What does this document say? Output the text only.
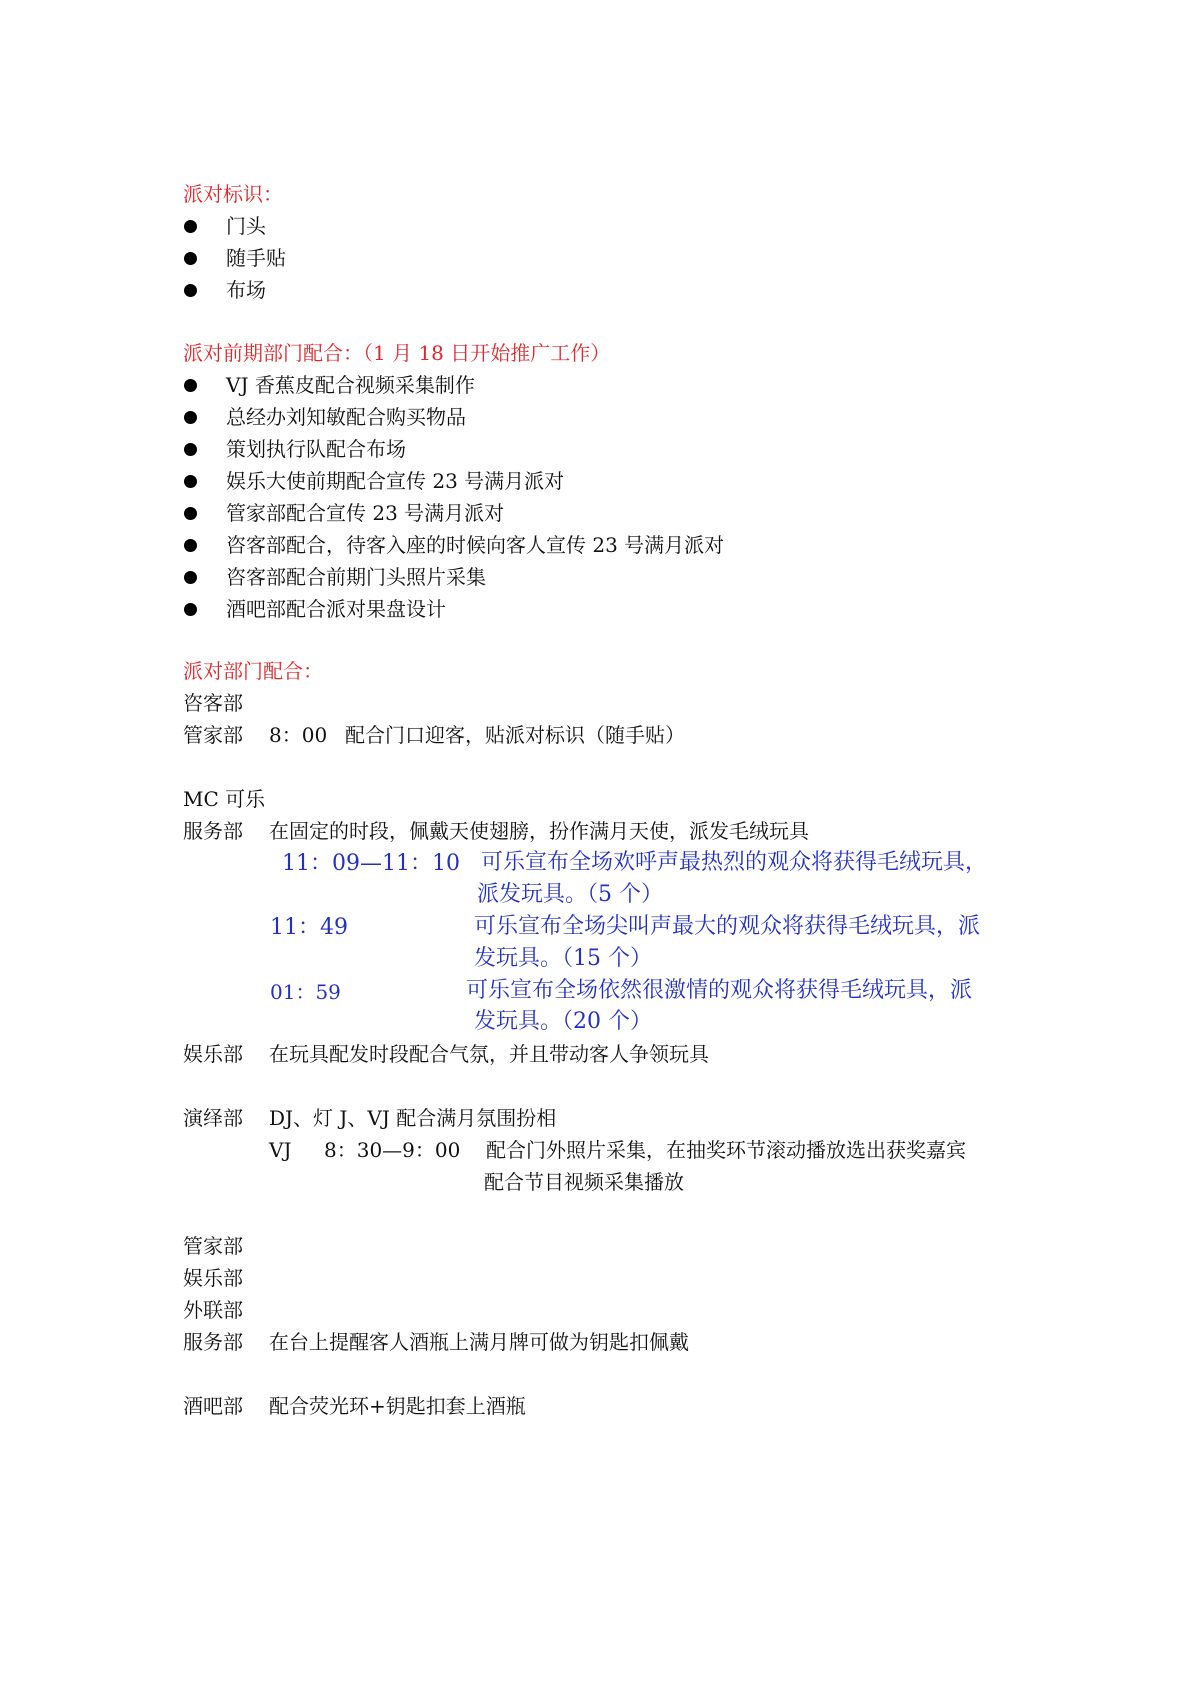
派对标识：
门头
随手贴
布场
派对前期部门配合：（1 月 18 日开始推广工作）
VJ 香蕉皮配合视频采集制作
总经办刘知敏配合购买物品
策划执行队配合布场
娱乐大使前期配合宣传 23 号满月派对
管家部配合宣传 23 号满月派对
咨客部配合，待客入座的时候向客人宣传 23 号满月派对
咨客部配合前期门头照片采集
酒吧部配合派对果盘设计
派对部门配合：
咨客部
管家部 8：00 配合门口迎客，贴派对标识（随手贴）
MC 可乐
服务部 在固定的时段，佩戴天使翅膀，扮作满月天使，派发毛绒玩具
11：09—11：10 可乐宣布全场欢呼声最热烈的观众将获得毛绒玩具，
派发玩具。（5 个）
11：49	可乐宣布全场尖叫声最大的观众将获得毛绒玩具，派
发玩具。（15 个）
01：59	可乐宣布全场依然很激情的观众将获得毛绒玩具，派
发玩具。（20 个）
娱乐部 在玩具配发时段配合气氛，并且带动客人争领玩具
演绎部 DJ、灯 J、VJ 配合满月氛围扮相
VJ 8：30—9：00 配合门外照片采集，在抽奖环节滚动播放选出获奖嘉宾
配合节目视频采集播放
管家部
娱乐部
外联部
服务部 在台上提醒客人酒瓶上满月牌可做为钥匙扣佩戴
酒吧部 配合荧光环+钥匙扣套上酒瓶
